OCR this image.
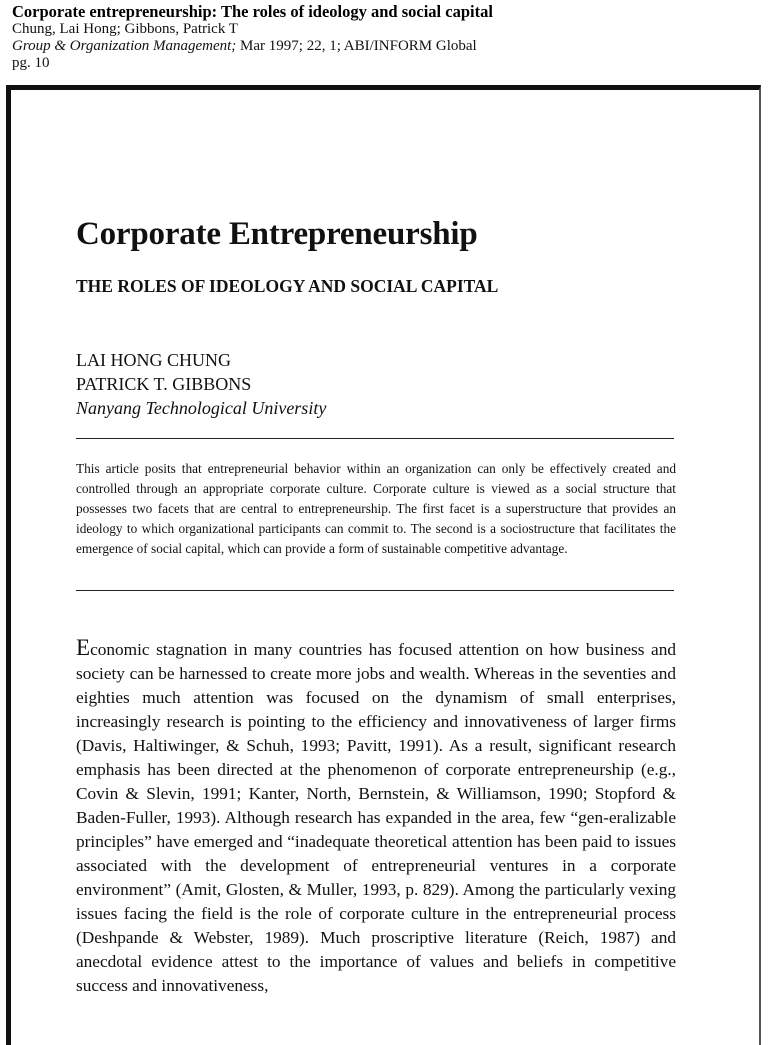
Corporate entrepreneurship: The roles of ideology and social capital
Chung, Lai Hong; Gibbons, Patrick T
Group & Organization Management; Mar 1997; 22, 1; ABI/INFORM Global
pg. 10
Corporate Entrepreneurship
THE ROLES OF IDEOLOGY AND SOCIAL CAPITAL
LAI HONG CHUNG
PATRICK T. GIBBONS
Nanyang Technological University
This article posits that entrepreneurial behavior within an organization can only be effectively created and controlled through an appropriate corporate culture. Corporate culture is viewed as a social structure that possesses two facets that are central to entrepreneurship. The first facet is a superstructure that provides an ideology to which organizational participants can commit to. The second is a sociostructure that facilitates the emergence of social capital, which can provide a form of sustainable competitive advantage.
Economic stagnation in many countries has focused attention on how business and society can be harnessed to create more jobs and wealth. Whereas in the seventies and eighties much attention was focused on the dynamism of small enterprises, increasingly research is pointing to the efficiency and innovativeness of larger firms (Davis, Haltiwinger, & Schuh, 1993; Pavitt, 1991). As a result, significant research emphasis has been directed at the phenomenon of corporate entrepreneurship (e.g., Covin & Slevin, 1991; Kanter, North, Bernstein, & Williamson, 1990; Stopford & Baden-Fuller, 1993). Although research has expanded in the area, few “gen-eralizable principles” have emerged and “inadequate theoretical attention has been paid to issues associated with the development of entrepreneurial ventures in a corporate environment” (Amit, Glosten, & Muller, 1993, p. 829). Among the particularly vexing issues facing the field is the role of corporate culture in the entrepreneurial process (Deshpande & Webster, 1989). Much proscriptive literature (Reich, 1987) and anecdotal evidence attest to the importance of values and beliefs in competitive success and innovativeness,
